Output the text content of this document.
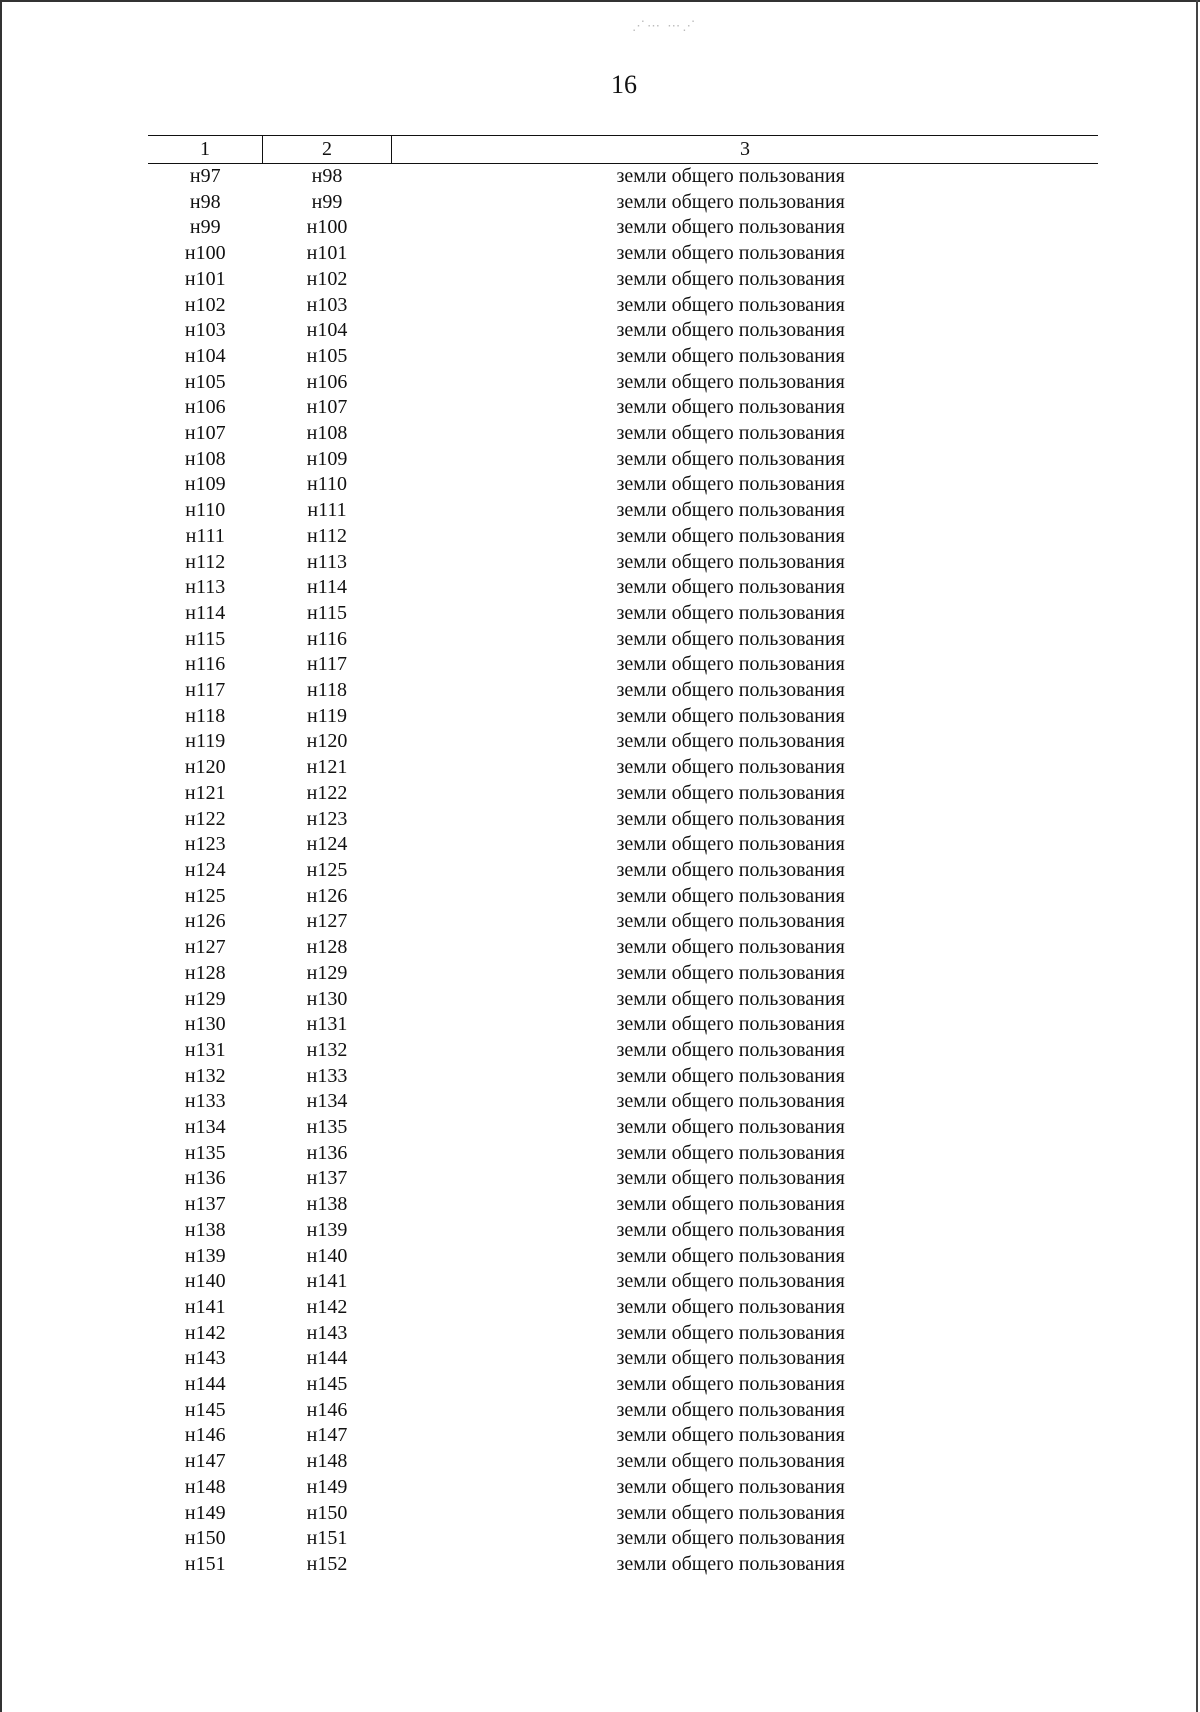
⋰⋯ ⋯⋰
16
1	2	3
н97	н98	земли общего пользования
н98	н99	земли общего пользования
н99	н100	земли общего пользования
н100	н101	земли общего пользования
н101	н102	земли общего пользования
н102	н103	земли общего пользования
н103	н104	земли общего пользования
н104	н105	земли общего пользования
н105	н106	земли общего пользования
н106	н107	земли общего пользования
н107	н108	земли общего пользования
н108	н109	земли общего пользования
н109	н110	земли общего пользования
н110	н111	земли общего пользования
н111	н112	земли общего пользования
н112	н113	земли общего пользования
н113	н114	земли общего пользования
н114	н115	земли общего пользования
н115	н116	земли общего пользования
н116	н117	земли общего пользования
н117	н118	земли общего пользования
н118	н119	земли общего пользования
н119	н120	земли общего пользования
н120	н121	земли общего пользования
н121	н122	земли общего пользования
н122	н123	земли общего пользования
н123	н124	земли общего пользования
н124	н125	земли общего пользования
н125	н126	земли общего пользования
н126	н127	земли общего пользования
н127	н128	земли общего пользования
н128	н129	земли общего пользования
н129	н130	земли общего пользования
н130	н131	земли общего пользования
н131	н132	земли общего пользования
н132	н133	земли общего пользования
н133	н134	земли общего пользования
н134	н135	земли общего пользования
н135	н136	земли общего пользования
н136	н137	земли общего пользования
н137	н138	земли общего пользования
н138	н139	земли общего пользования
н139	н140	земли общего пользования
н140	н141	земли общего пользования
н141	н142	земли общего пользования
н142	н143	земли общего пользования
н143	н144	земли общего пользования
н144	н145	земли общего пользования
н145	н146	земли общего пользования
н146	н147	земли общего пользования
н147	н148	земли общего пользования
н148	н149	земли общего пользования
н149	н150	земли общего пользования
н150	н151	земли общего пользования
н151	н152	земли общего пользования
